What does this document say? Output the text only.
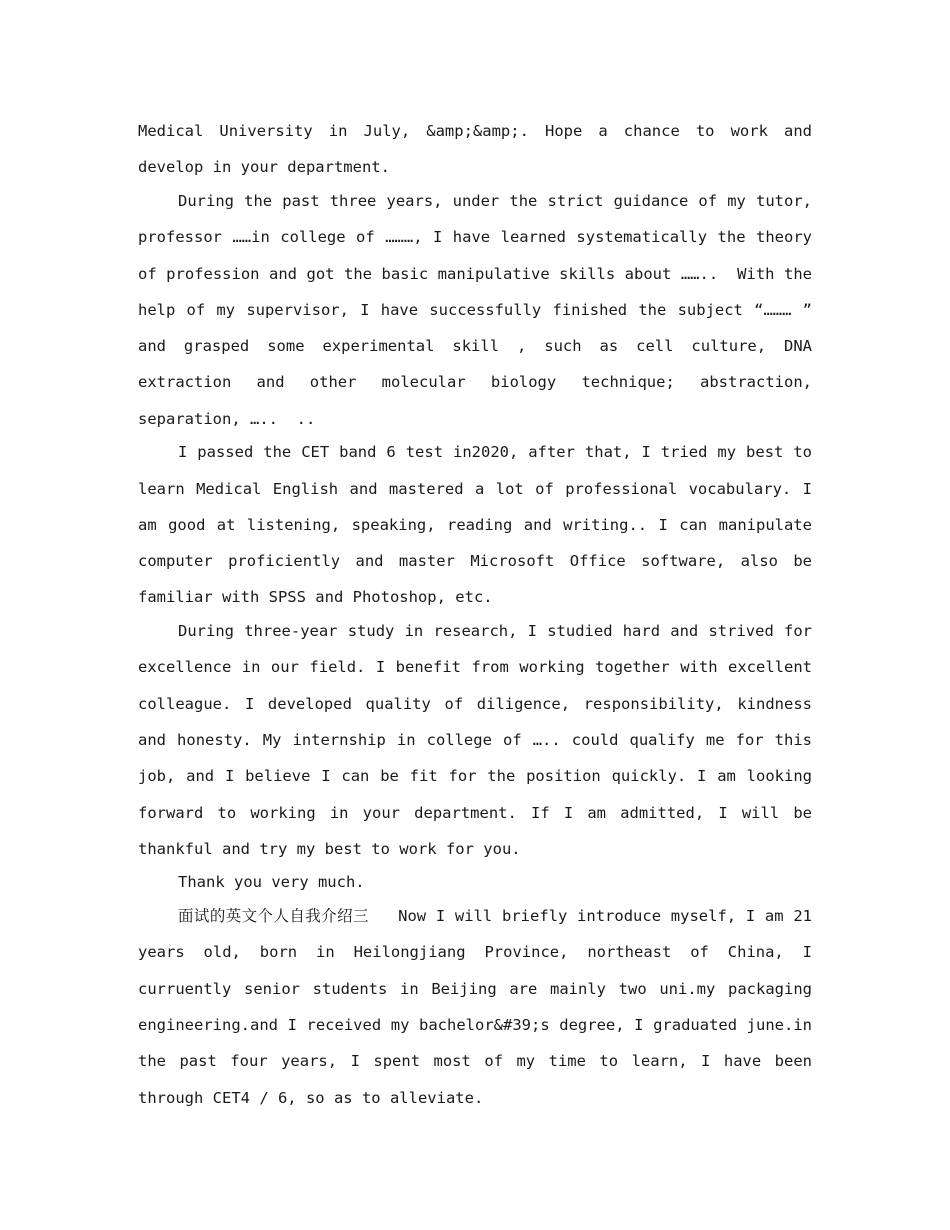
Medical University in July, &amp;&amp;. Hope a chance to work and develop in your department.

During the past three years, under the strict guidance of my tutor, professor ……in college of ………, I have learned systematically the theory of profession and got the basic manipulative skills about ……..  With the help of my supervisor, I have successfully finished the subject “……… ” and grasped some experimental skill , such as cell culture, DNA extraction and other molecular biology technique; abstraction, separation, …..  ..

I passed the CET band 6 test in2020, after that, I tried my best to learn Medical English and mastered a lot of professional vocabulary. I am good at listening, speaking, reading and writing.. I can manipulate computer proficiently and master Microsoft Office software, also be familiar with SPSS and Photoshop, etc.

During three-year study in research, I studied hard and strived for excellence in our field. I benefit from working together with excellent colleague. I developed quality of diligence, responsibility, kindness and honesty. My internship in college of ….. could qualify me for this job, and I believe I can be fit for the position quickly. I am looking forward to working in your department. If I am admitted, I will be thankful and try my best to work for you.

Thank you very much.

面试的英文个人自我介绍三   Now I will briefly introduce myself, I am 21 years old, born in Heilongjiang Province, northeast of China, I curruently senior students in Beijing are mainly two uni.my packaging engineering.and I received my bachelor&#39;s degree, I graduated june.in the past four years, I spent most of my time to learn, I have been through CET4 / 6, so as to alleviate.
